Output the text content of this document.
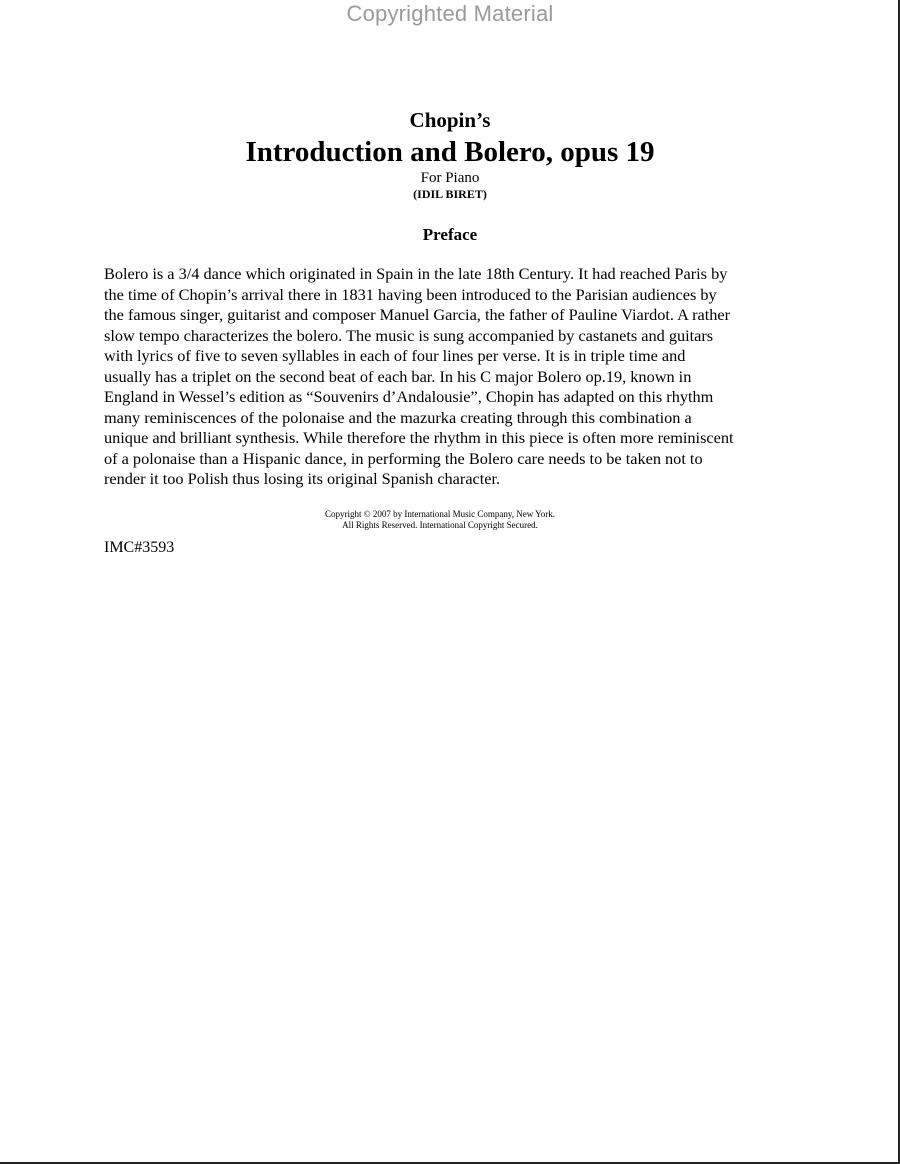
Copyrighted Material
Chopin’s
Introduction and Bolero, opus 19
For Piano
(IDIL BIRET)
Preface

Bolero is a 3/4 dance which originated in Spain in the late 18th Century. It had reached Paris by
the time of Chopin’s arrival there in 1831 having been introduced to the Parisian audiences by
the famous singer, guitarist and composer Manuel Garcia, the father of Pauline Viardot. A rather
slow tempo characterizes the bolero. The music is sung accompanied by castanets and guitars
with lyrics of five to seven syllables in each of four lines per verse. It is in triple time and
usually has a triplet on the second beat of each bar. In his C major Bolero op.19, known in
England in Wessel’s edition as “Souvenirs d’Andalousie”, Chopin has adapted on this rhythm
many reminiscences of the polonaise and the mazurka creating through this combination a
unique and brilliant synthesis. While therefore the rhythm in this piece is often more reminiscent
of a polonaise than a Hispanic dance, in performing the Bolero care needs to be taken not to
render it too Polish thus losing its original Spanish character.

Copyright © 2007 by International Music Company, New York.
All Rights Reserved. International Copyright Secured.
IMC#3593
